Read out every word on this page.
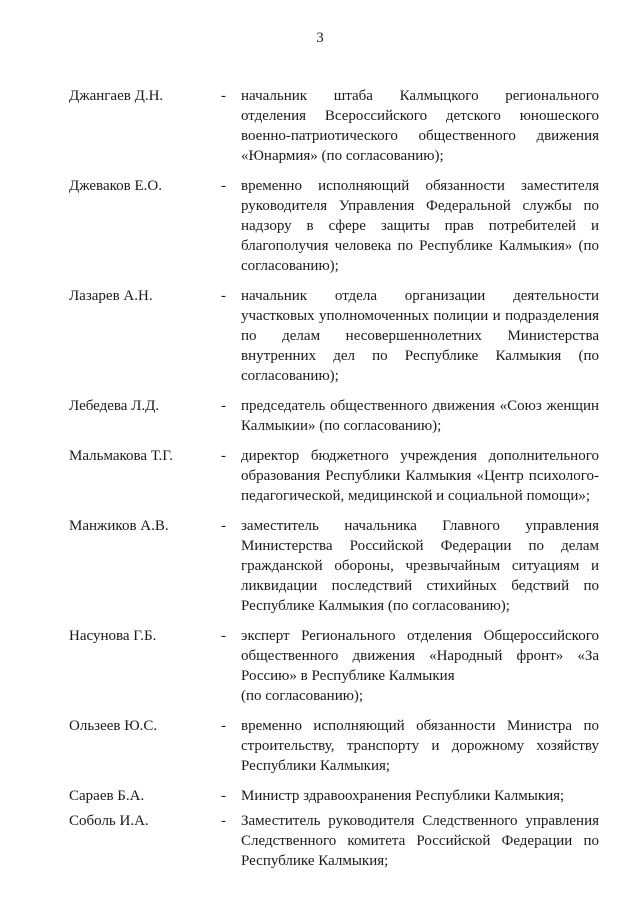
3
Джангаев Д.Н.	- начальник штаба Калмыцкого регионального отделения Всероссийского детского юношеского военно-патриотического общественного движения «Юнармия» (по согласованию);
Джеваков Е.О.	- временно исполняющий обязанности заместителя руководителя Управления Федеральной службы по надзору в сфере защиты прав потребителей и благополучия человека по Республике Калмыкия» (по согласованию);
Лазарев А.Н.	- начальник отдела организации деятельности участковых уполномоченных полиции и подразделения по делам несовершеннолетних Министерства внутренних дел по Республике Калмыкия (по согласованию);
Лебедева Л.Д.	- председатель общественного движения «Союз женщин Калмыкии» (по согласованию);
Мальмакова Т.Г.	- директор бюджетного учреждения дополнительного образования Республики Калмыкия «Центр психолого-педагогической, медицинской и социальной помощи»;
Манжиков А.В.	- заместитель начальника Главного управления Министерства Российской Федерации по делам гражданской обороны, чрезвычайным ситуациям и ликвидации последствий стихийных бедствий по Республике Калмыкия (по согласованию);
Насунова Г.Б.	- эксперт Регионального отделения Общероссийского общественного движения «Народный фронт» «За Россию» в Республике Калмыкия

(по согласованию);

Ользеев Ю.С.	- временно исполняющий обязанности Министра по строительству, транспорту и дорожному хозяйству Республики Калмыкия;
Сараев Б.А.	- Министр здравоохранения Республики Калмыкия;
Соболь И.А.	- Заместитель руководителя Следственного управления Следственного комитета Российской Федерации по Республике Калмыкия;
